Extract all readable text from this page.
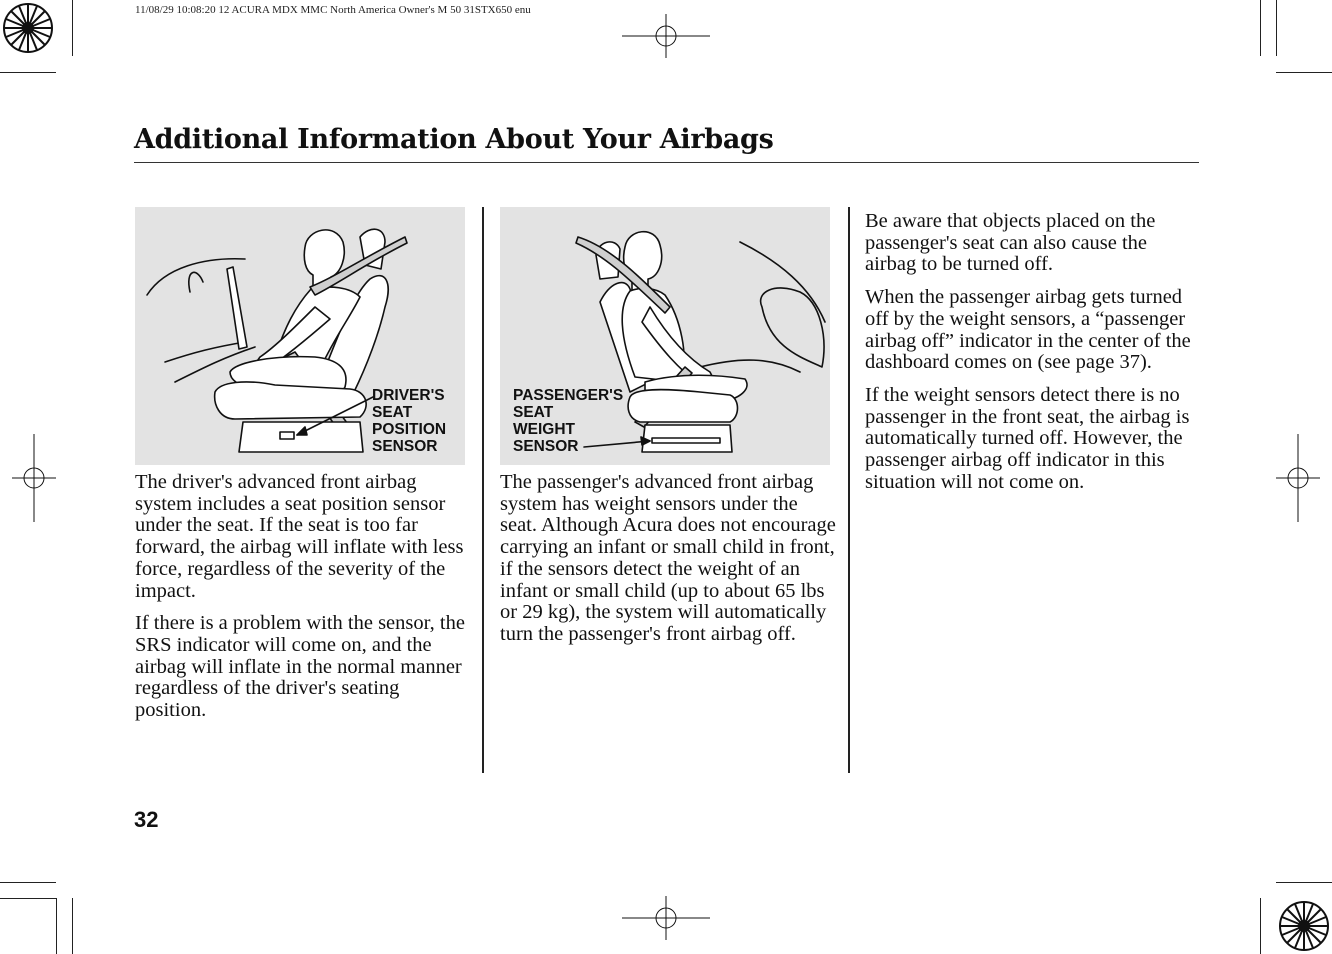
11/08/29 10:08:20 12 ACURA MDX MMC North America Owner's M 50 31STX650 enu
Additional Information About Your Airbags
DRIVER'S
SEAT
POSITION
SENSOR
PASSENGER'S
SEAT
WEIGHT
SENSOR

The driver's advanced front airbag system includes a seat position sensor under the seat. If the seat is too far forward, the airbag will inflate with less force, regardless of the severity of the impact.

If there is a problem with the sensor, the SRS indicator will come on, and the airbag will inflate in the normal manner regardless of the driver's seating position.

The passenger's advanced front airbag system has weight sensors under the seat. Although Acura does not encourage carrying an infant or small child in front, if the sensors detect the weight of an infant or small child (up to about 65 lbs or 29 kg), the system will automatically turn the passenger's front airbag off.

Be aware that objects placed on the passenger's seat can also cause the airbag to be turned off.

When the passenger airbag gets turned off by the weight sensors, a “passenger airbag off” indicator in the center of the dashboard comes on (see page 37).

If the weight sensors detect there is no passenger in the front seat, the airbag is automatically turned off. However, the passenger airbag off indicator in this situation will not come on.

32
